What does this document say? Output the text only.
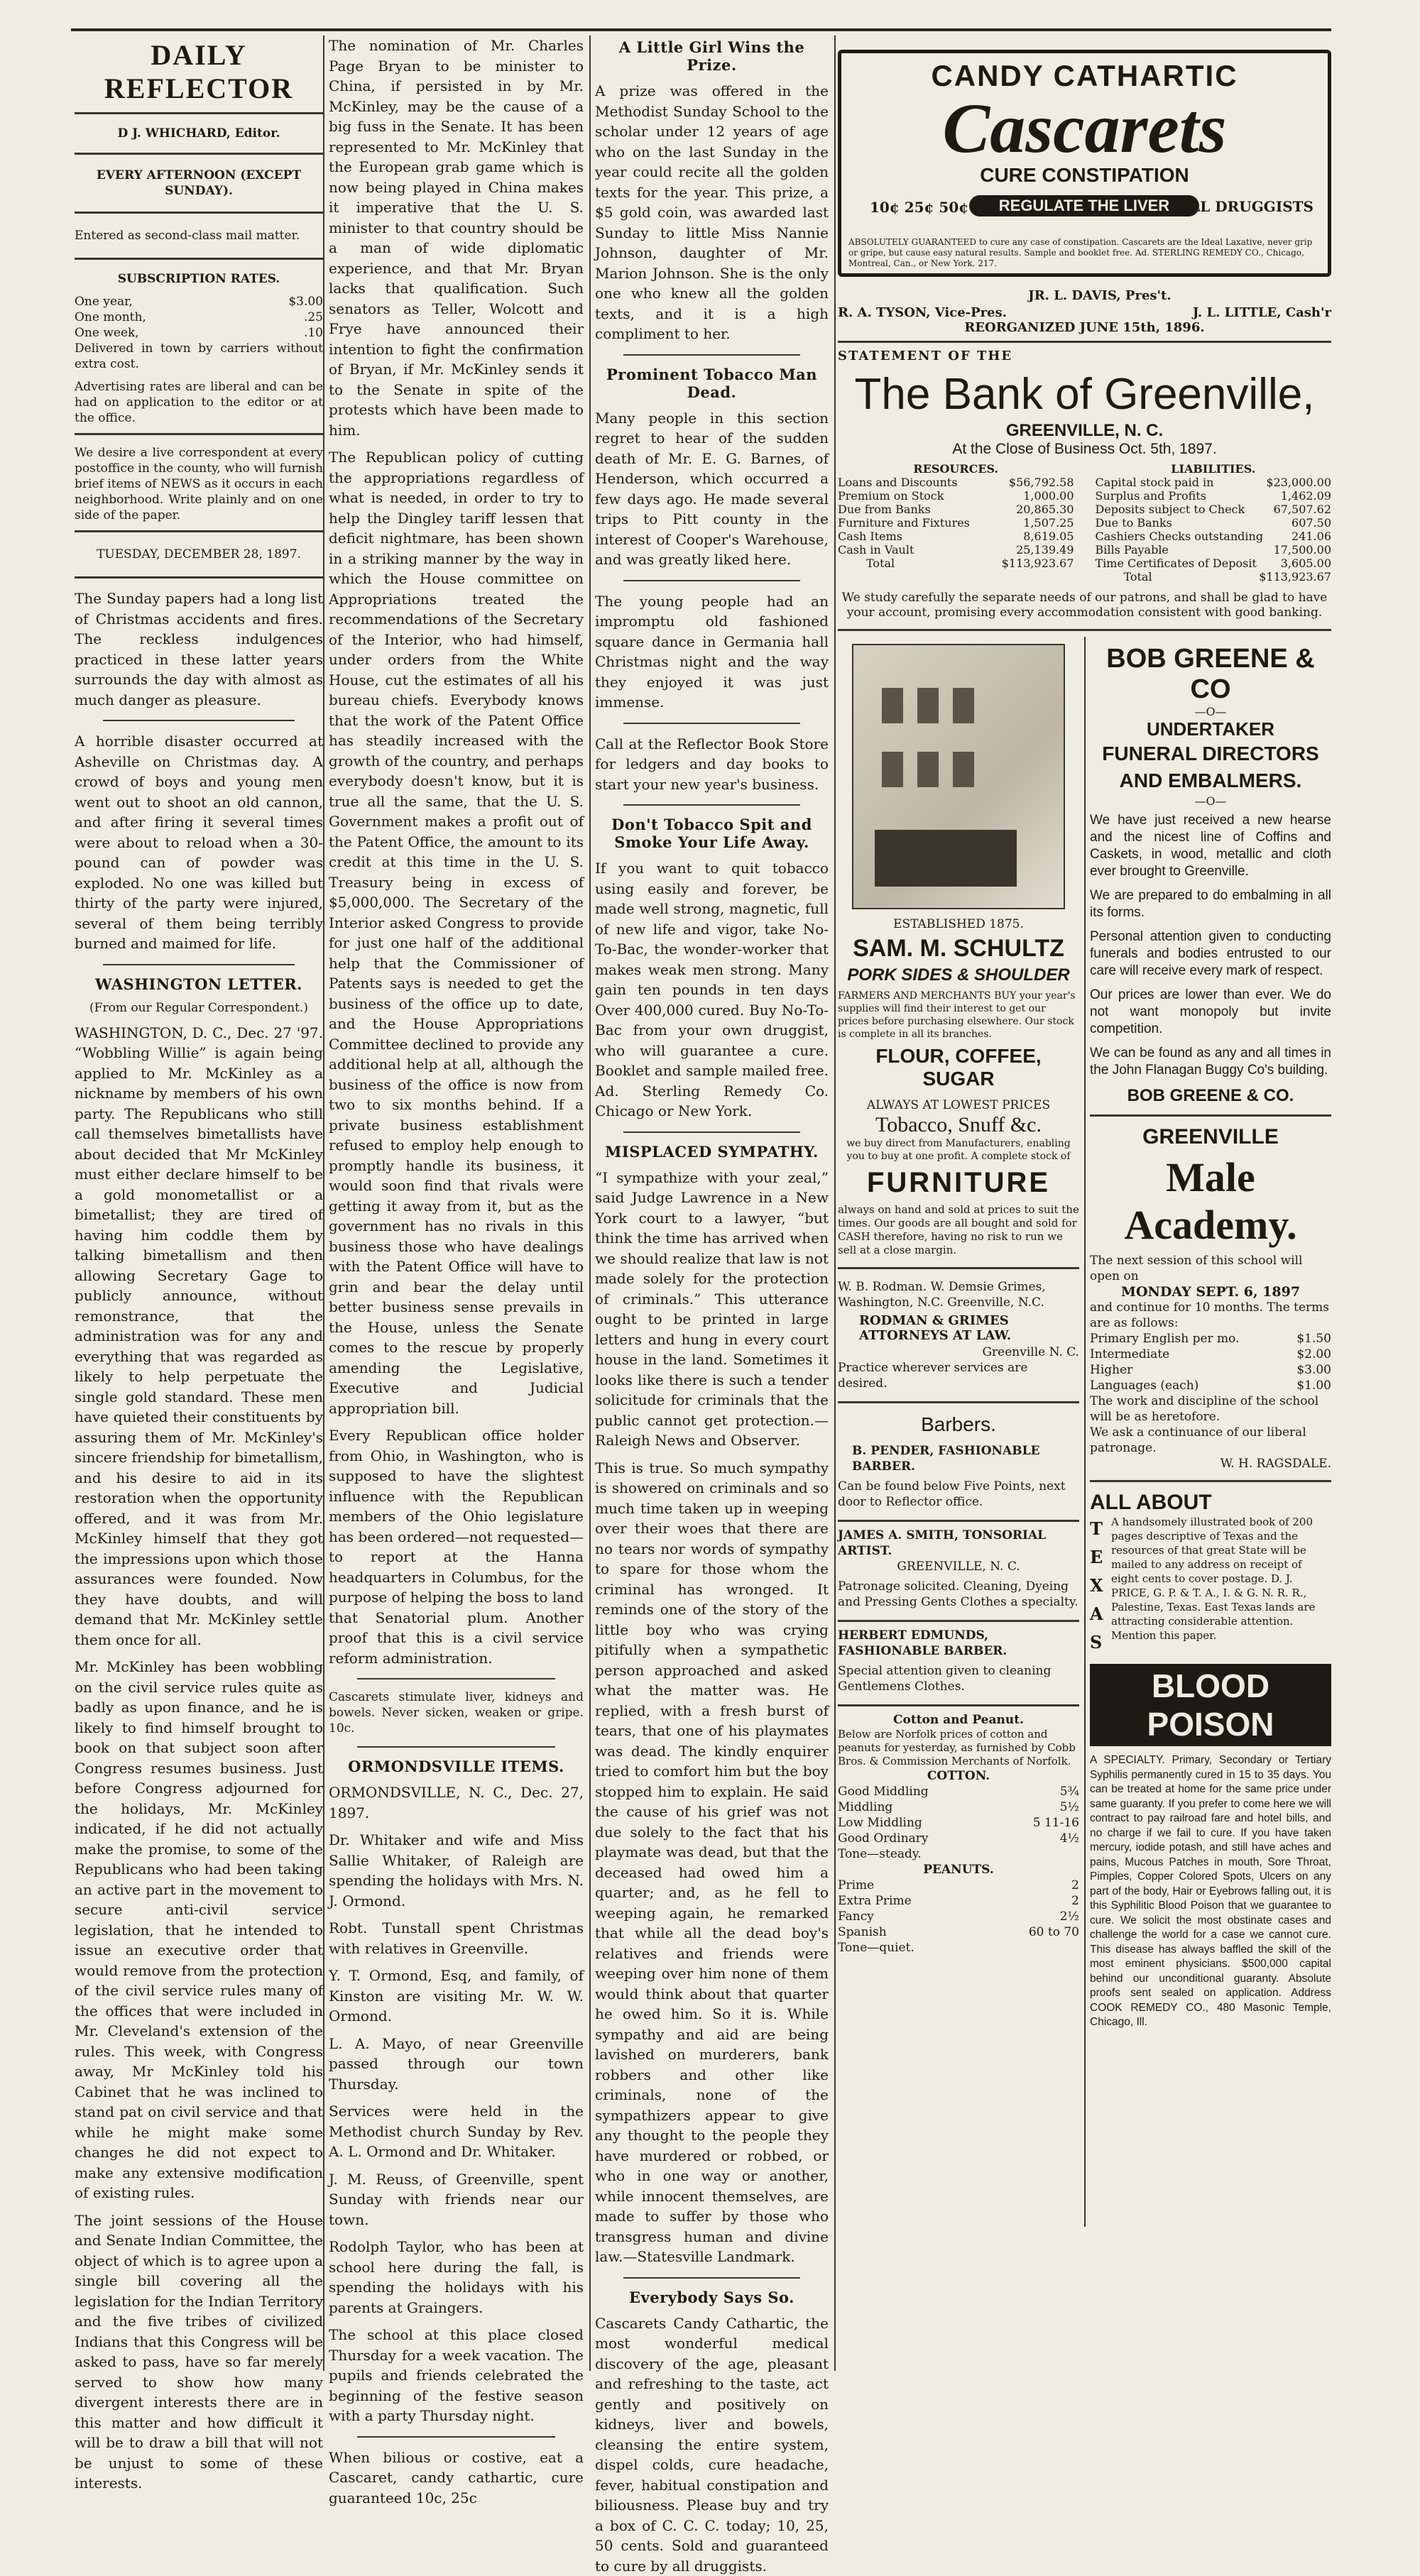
DAILY REFLECTOR
D J. WHICHARD, Editor.
EVERY AFTERNOON (EXCEPT SUNDAY).
Entered as second-class mail matter.
SUBSCRIPTION RATES.
One year,	$3.00
One month,	.25
One week,	.10

Delivered in town by carriers without extra cost.

Advertising rates are liberal and can be had on application to the editor or at the office.

We desire a live correspondent at every postoffice in the county, who will furnish brief items of NEWS as it occurs in each neighborhood. Write plainly and on one side of the paper.

TUESDAY, DECEMBER 28, 1897.

The Sunday papers had a long list of Christmas accidents and fires. The reckless indulgences practiced in these latter years surrounds the day with almost as much danger as pleasure.

A horrible disaster occurred at Asheville on Christmas day. A crowd of boys and young men went out to shoot an old cannon, and after firing it several times were about to reload when a 30-pound can of powder was exploded. No one was killed but thirty of the party were injured, several of them being terribly burned and maimed for life.

WASHINGTON LETTER.
(From our Regular Correspondent.)

WASHINGTON, D. C., Dec. 27 '97. “Wobbling Willie” is again being applied to Mr. McKinley as a nickname by members of his own party. The Republicans who still call themselves bimetallists have about decided that Mr McKinley must either declare himself to be a gold monometallist or a bimetallist; they are tired of having him coddle them by talking bimetallism and then allowing Secretary Gage to publicly announce, without remonstrance, that the administration was for any and everything that was regarded as likely to help perpetuate the single gold standard. These men have quieted their constituents by assuring them of Mr. McKinley's sincere friendship for bimetallism, and his desire to aid in its restoration when the opportunity offered, and it was from Mr. McKinley himself that they got the impressions upon which those assurances were founded. Now they have doubts, and will demand that Mr. McKinley settle them once for all.

Mr. McKinley has been wobbling on the civil service rules quite as badly as upon finance, and he is likely to find himself brought to book on that subject soon after Congress resumes business. Just before Congress adjourned for the holidays, Mr. McKinley indicated, if he did not actually make the promise, to some of the Republicans who had been taking an active part in the movement to secure anti-civil service legislation, that he intended to issue an executive order that would remove from the protection of the civil service rules many of the offices that were included in Mr. Cleveland's extension of the rules. This week, with Congress away, Mr McKinley told his Cabinet that he was inclined to stand pat on civil service and that while he might make some changes he did not expect to make any extensive modification of existing rules.

The joint sessions of the House and Senate Indian Committee, the object of which is to agree upon a single bill covering all the legislation for the Indian Territory and the five tribes of civilized Indians that this Congress will be asked to pass, have so far merely served to show how many divergent interests there are in this matter and how difficult it will be to draw a bill that will not be unjust to some of these interests.

The nomination of Mr. Charles Page Bryan to be minister to China, if persisted in by Mr. McKinley, may be the cause of a big fuss in the Senate. It has been represented to Mr. McKinley that the European grab game which is now being played in China makes it imperative that the U. S. minister to that country should be a man of wide diplomatic experience, and that Mr. Bryan lacks that qualification. Such senators as Teller, Wolcott and Frye have announced their intention to fight the confirmation of Bryan, if Mr. McKinley sends it to the Senate in spite of the protests which have been made to him.

The Republican policy of cutting the appropriations regardless of what is needed, in order to try to help the Dingley tariff lessen that deficit nightmare, has been shown in a striking manner by the way in which the House committee on Appropriations treated the recommendations of the Secretary of the Interior, who had himself, under orders from the White House, cut the estimates of all his bureau chiefs. Everybody knows that the work of the Patent Office has steadily increased with the growth of the country, and perhaps everybody doesn't know, but it is true all the same, that the U. S. Government makes a profit out of the Patent Office, the amount to its credit at this time in the U. S. Treasury being in excess of $5,000,000. The Secretary of the Interior asked Congress to provide for just one half of the additional help that the Commissioner of Patents says is needed to get the business of the office up to date, and the House Appropriations Committee declined to provide any additional help at all, although the business of the office is now from two to six months behind. If a private business establishment refused to employ help enough to promptly handle its business, it would soon find that rivals were getting it away from it, but as the government has no rivals in this business those who have dealings with the Patent Office will have to grin and bear the delay until better business sense prevails in the House, unless the Senate comes to the rescue by properly amending the Legislative, Executive and Judicial appropriation bill.

Every Republican office holder from Ohio, in Washington, who is supposed to have the slightest influence with the Republican members of the Ohio legislature has been ordered—not requested—to report at the Hanna headquarters in Columbus, for the purpose of helping the boss to land that Senatorial plum. Another proof that this is a civil service reform administration.

Cascarets stimulate liver, kidneys and bowels. Never sicken, weaken or gripe. 10c.

ORMONDSVILLE ITEMS.

ORMONDSVILLE, N. C., Dec. 27, 1897.

Dr. Whitaker and wife and Miss Sallie Whitaker, of Raleigh are spending the holidays with Mrs. N. J. Ormond.

Robt. Tunstall spent Christmas with relatives in Greenville.

Y. T. Ormond, Esq, and family, of Kinston are visiting Mr. W. W. Ormond.

L. A. Mayo, of near Greenville passed through our town Thursday.

Services were held in the Methodist church Sunday by Rev. A. L. Ormond and Dr. Whitaker.

J. M. Reuss, of Greenville, spent Sunday with friends near our town.

Rodolph Taylor, who has been at school here during the fall, is spending the holidays with his parents at Graingers.

The school at this place closed Thursday for a week vacation. The pupils and friends celebrated the beginning of the festive season with a party Thursday night.

When bilious or costive, eat a Cascaret, candy cathartic, cure guaranteed 10c, 25c

A Little Girl Wins the Prize.

A prize was offered in the Methodist Sunday School to the scholar under 12 years of age who on the last Sunday in the year could recite all the golden texts for the year. This prize, a $5 gold coin, was awarded last Sunday to little Miss Nannie Johnson, daughter of Mr. Marion Johnson. She is the only one who knew all the golden texts, and it is a high compliment to her.

Prominent Tobacco Man Dead.

Many people in this section regret to hear of the sudden death of Mr. E. G. Barnes, of Henderson, which occurred a few days ago. He made several trips to Pitt county in the interest of Cooper's Warehouse, and was greatly liked here.

The young people had an impromptu old fashioned square dance in Germania hall Christmas night and the way they enjoyed it was just immense.

Call at the Reflector Book Store for ledgers and day books to start your new year's business.

Don't Tobacco Spit and Smoke Your Life Away.

If you want to quit tobacco using easily and forever, be made well strong, magnetic, full of new life and vigor, take No-To-Bac, the wonder-worker that makes weak men strong. Many gain ten pounds in ten days Over 400,000 cured. Buy No-To-Bac from your own druggist, who will guarantee a cure. Booklet and sample mailed free. Ad. Sterling Remedy Co. Chicago or New York.

MISPLACED SYMPATHY.

“I sympathize with your zeal,” said Judge Lawrence in a New York court to a lawyer, “but think the time has arrived when we should realize that law is not made solely for the protection of criminals.” This utterance ought to be printed in large letters and hung in every court house in the land. Sometimes it looks like there is such a tender solicitude for criminals that the public cannot get protection.—Raleigh News and Observer.

This is true. So much sympathy is showered on criminals and so much time taken up in weeping over their woes that there are no tears nor words of sympathy to spare for those whom the criminal has wronged. It reminds one of the story of the little boy who was crying pitifully when a sympathetic person approached and asked what the matter was. He replied, with a fresh burst of tears, that one of his playmates was dead. The kindly enquirer tried to comfort him but the boy stopped him to explain. He said the cause of his grief was not due solely to the fact that his playmate was dead, but that the deceased had owed him a quarter; and, as he fell to weeping again, he remarked that while all the dead boy's relatives and friends were weeping over him none of them would think about that quarter he owed him. So it is. While sympathy and aid are being lavished on murderers, bank robbers and other like criminals, none of the sympathizers appear to give any thought to the people they have murdered or robbed, or who in one way or another, while innocent themselves, are made to suffer by those who transgress human and divine law.—Statesville Landmark.

Everybody Says So.

Cascarets Candy Cathartic, the most wonderful medical discovery of the age, pleasant and refreshing to the taste, act gently and positively on kidneys, liver and bowels, cleansing the entire system, dispel colds, cure headache, fever, habitual constipation and biliousness. Please buy and try a box of C. C. C. today; 10, 25, 50 cents. Sold and guaranteed to cure by all druggists.

CANDY CATHARTIC
Cascarets
CURE CONSTIPATION
10¢ 25¢ 50¢	REGULATE THE LIVER ALL DRUGGISTS
ABSOLUTELY GUARANTEED to cure any case of constipation. Cascarets are the Ideal Laxative, never grip or gripe, but cause easy natural results. Sample and booklet free. Ad. STERLING REMEDY CO., Chicago, Montreal, Can., or New York. 217.
R. A. TYSON, Vice-Pres.
JR. L. DAVIS, Pres't.
J. L. LITTLE, Cash'r
REORGANIZED JUNE 15th, 1896.
STATEMENT OF THE
The Bank of Greenville,
GREENVILLE, N. C.
At the Close of Business Oct. 5th, 1897.
RESOURCES.
Loans and Discounts	$56,792.58
Premium on Stock	1,000.00
Due from Banks	20,865.30
Furniture and Fixtures	1,507.25
Cash Items	8,619.05
Cash in Vault	25,139.49
Total	$113,923.67
LIABILITIES.
Capital stock paid in	$23,000.00
Surplus and Profits	1,462.09
Deposits subject to Check	67,507.62
Due to Banks	607.50
Cashiers Checks outstanding 241.06
Bills Payable	17,500.00
Time Certificates of Deposit 3,605.00
Total	$113,923.67
We study carefully the separate needs of our patrons, and shall be glad to have your account, promising every accommodation consistent with good banking.
ESTABLISHED 1875.
SAM. M. SCHULTZ
PORK SIDES & SHOULDER
FARMERS AND MERCHANTS BUY your year's supplies will find their interest to get our prices before purchasing elsewhere. Our stock is complete in all its branches.
FLOUR, COFFEE, SUGAR
ALWAYS AT LOWEST PRICES
Tobacco, Snuff &c.
we buy direct from Manufacturers, enabling you to buy at one profit. A complete stock of
FURNITURE
always on hand and sold at prices to suit the times. Our goods are all bought and sold for CASH therefore, having no risk to run we sell at a close margin.
W. B. Rodman. W. Demsie Grimes, Washington, N.C. Greenville, N.C.
RODMAN & GRIMES ATTORNEYS AT LAW.
Greenville N. C.
Practice wherever services are desired.
Barbers.
B. PENDER, FASHIONABLE BARBER.
Can be found below Five Points, next door to Reflector office.
JAMES A. SMITH, TONSORIAL ARTIST.
GREENVILLE, N. C.
Patronage solicited. Cleaning, Dyeing and Pressing Gents Clothes a specialty.
HERBERT EDMUNDS, FASHIONABLE BARBER.
Special attention given to cleaning Gentlemens Clothes.
Cotton and Peanut.
Below are Norfolk prices of cotton and peanuts for yesterday, as furnished by Cobb Bros. & Commission Merchants of Norfolk.
COTTON.
Good Middling	5¾
Middling	5½
Low Middling	5 11-16
Good Ordinary	4½
Tone—steady.
PEANUTS.
Prime	2
Extra Prime	2
Fancy	2½
Spanish	60 to 70
Tone—quiet.
BOB GREENE & CO
—O—
UNDERTAKER
FUNERAL DIRECTORS AND EMBALMERS.
—O—

We have just received a new hearse and the nicest line of Coffins and Caskets, in wood, metallic and cloth ever brought to Greenville.

We are prepared to do embalming in all its forms.

Personal attention given to conducting funerals and bodies entrusted to our care will receive every mark of respect.

Our prices are lower than ever. We do not want monopoly but invite competition.

We can be found as any and all times in the John Flanagan Buggy Co's building.

BOB GREENE & CO.
GREENVILLE
Male Academy.
The next session of this school will open on
MONDAY SEPT. 6, 1897
and continue for 10 months. The terms are as follows:
Primary English per mo.	$1.50
Intermediate	$2.00
Higher	$3.00
Languages (each)	$1.00
The work and discipline of the school will be as heretofore.
We ask a continuance of our liberal patronage.
W. H. RAGSDALE.
ALL ABOUT
TEXAS
A handsomely illustrated book of 200 pages descriptive of Texas and the resources of that great State will be mailed to any address on receipt of eight cents to cover postage. D. J. PRICE, G. P. & T. A., I. & G. N. R. R., Palestine, Texas. East Texas lands are attracting considerable attention. Mention this paper.
BLOOD POISON
A SPECIALTY. Primary, Secondary or Tertiary Syphilis permanently cured in 15 to 35 days. You can be treated at home for the same price under same guaranty. If you prefer to come here we will contract to pay railroad fare and hotel bills, and no charge if we fail to cure. If you have taken mercury, iodide potash, and still have aches and pains, Mucous Patches in mouth, Sore Throat, Pimples, Copper Colored Spots, Ulcers on any part of the body, Hair or Eyebrows falling out, it is this Syphilitic Blood Poison that we guarantee to cure. We solicit the most obstinate cases and challenge the world for a case we cannot cure. This disease has always baffled the skill of the most eminent physicians. $500,000 capital behind our unconditional guaranty. Absolute proofs sent sealed on application. Address COOK REMEDY CO., 480 Masonic Temple, Chicago, Ill.
